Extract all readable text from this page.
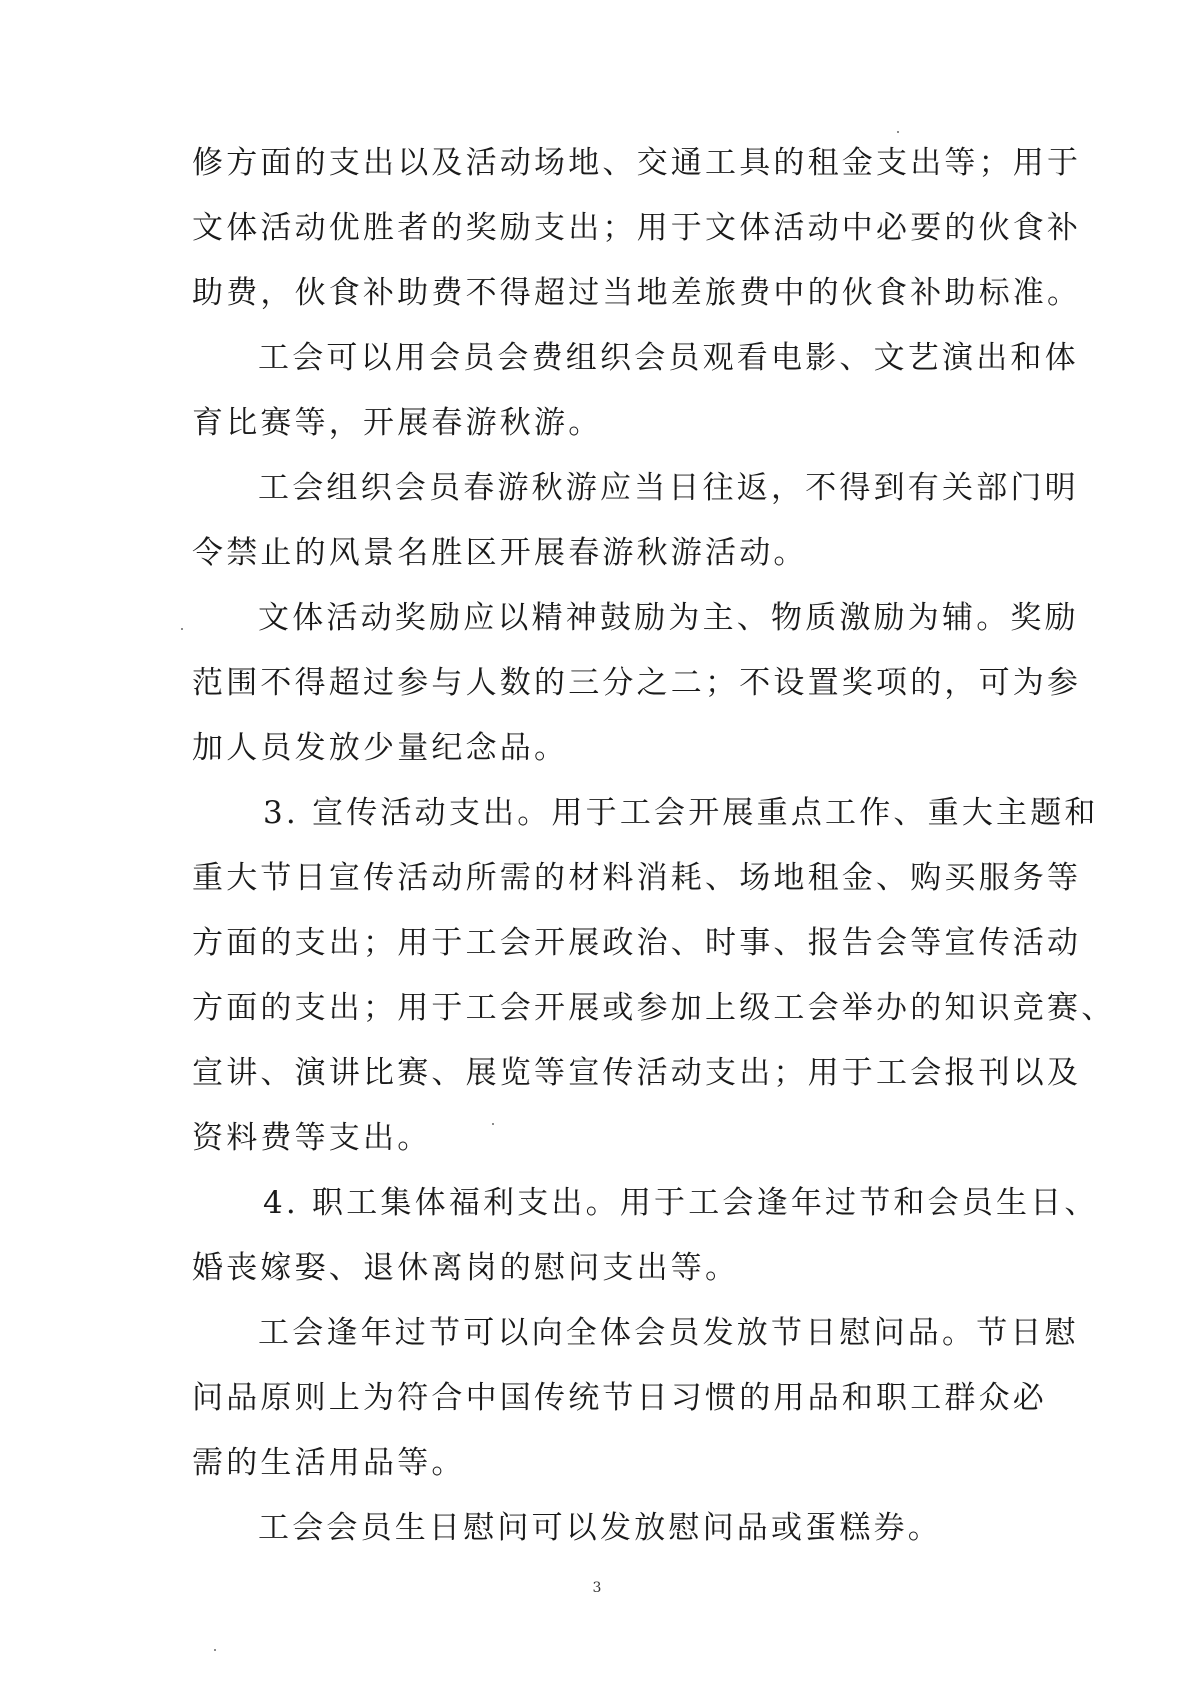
修方面的支出以及活动场地、交通工具的租金支出等；用于
文体活动优胜者的奖励支出；用于文体活动中必要的伙食补
助费，伙食补助费不得超过当地差旅费中的伙食补助标准。
工会可以用会员会费组织会员观看电影、文艺演出和体
育比赛等，开展春游秋游。
工会组织会员春游秋游应当日往返，不得到有关部门明
令禁止的风景名胜区开展春游秋游活动。
文体活动奖励应以精神鼓励为主、物质激励为辅。奖励
范围不得超过参与人数的三分之二；不设置奖项的，可为参
加人员发放少量纪念品。
3. 宣传活动支出。用于工会开展重点工作、重大主题和
重大节日宣传活动所需的材料消耗、场地租金、购买服务等
方面的支出；用于工会开展政治、时事、报告会等宣传活动
方面的支出；用于工会开展或参加上级工会举办的知识竞赛、
宣讲、演讲比赛、展览等宣传活动支出；用于工会报刊以及
资料费等支出。
4. 职工集体福利支出。用于工会逢年过节和会员生日、
婚丧嫁娶、退休离岗的慰问支出等。
工会逢年过节可以向全体会员发放节日慰问品。节日慰
问品原则上为符合中国传统节日习惯的用品和职工群众必
需的生活用品等。
工会会员生日慰问可以发放慰问品或蛋糕券。
3
